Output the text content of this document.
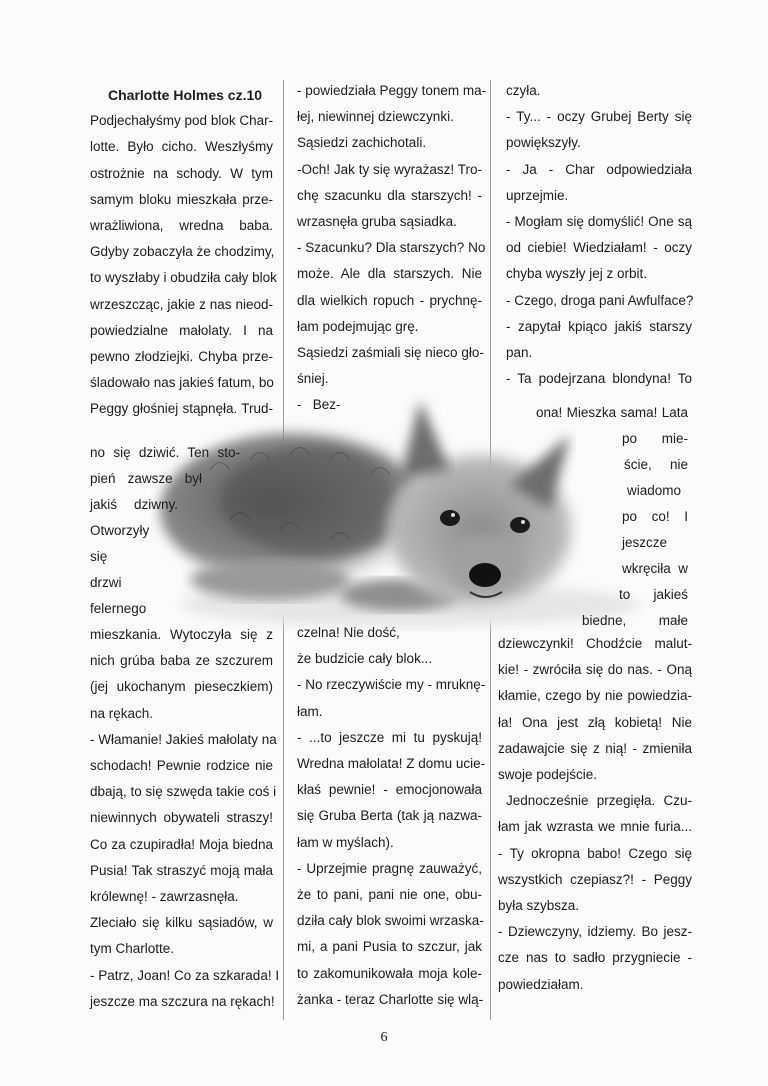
Charlotte Holmes cz.10
Podjechałyśmy pod blok Char-
lotte. Było cicho. Weszłyśmy
ostrożnie na schody. W tym
samym bloku mieszkała prze-
wrażliwiona, wredna baba.
Gdyby zobaczyła że chodzimy,
to wyszłaby i obudziła cały blok
wrzeszcząc, jakie z nas nieod-
powiedzialne małolaty. I na
pewno złodziejki. Chyba prze-
śladowało nas jakieś fatum, bo
Peggy głośniej stąpnęła. Trud-
no się dziwić. Ten sto-
pień zawsze był
jakiś dziwny.
Otworzyły
się
drzwi
felernego
mieszkania. Wytoczyła się z
nich grúba baba ze szczurem
(jej ukochanym pieseczkiem)
na rękach.
- Włamanie! Jakieś małolaty na
schodach! Pewnie rodzice nie
dbają, to się szwęda takie coś i
niewinnych obywateli straszy!
Co za czupiradła! Moja biedna
Pusia! Tak straszyć moją mała
królewnę! - zawrzasnęła.
Zleciało się kilku sąsiadów, w
tym Charlotte.
- Patrz, Joan! Co za szkarada! I
jeszcze ma szczura na rękach!
- powiedziała Peggy tonem ma-
łej, niewinnej dziewczynki.
Sąsiedzi zachichotali.
-Och! Jak ty się wyrażasz! Tro-
chę szacunku dla starszych! -
wrzasnęła gruba sąsiadka.
- Szacunku? Dla starszych? No
może. Ale dla starszych. Nie
dla wielkich ropuch - prychnę-
łam podejmując grę.
Sąsiedzi zaśmiali się nieco gło-
śniej.
-   Bez-
czelna! Nie dość,
że budzicie cały blok...
- No rzeczywiście my - mruknę-
łam.
- ...to jeszcze mi tu pyskują!
Wredna małolata! Z domu ucie-
kłaś pewnie! - emocjonowała
się Gruba Berta (tak ją nazwa-
łam w myślach).
- Uprzejmie pragnę zauważyć,
że to pani, pani nie one, obu-
dziła cały blok swoimi wrzaska-
mi, a pani Pusia to szczur, jak
to zakomunikowała moja kole-
żanka - teraz Charlotte się wlą-
czyła.
- Ty... - oczy Grubej Berty się
powiększyły.
- Ja - Char odpowiedziała
uprzejmie.
- Mogłam się domyślić! One są
od ciebie! Wiedziałam! - oczy
chyba wyszły jej z orbit.
- Czego, droga pani Awfulface?
- zapytał kpiąco jakiś starszy
pan.
- Ta podejrzana blondyna! To
ona! Mieszka sama! Lata
po mie-
ście, nie
wiadomo
po co! I
jeszcze
wkręciła w
to jakieś
biedne, małe
dziewczynki! Chodźcie malut-
kie! - zwróciła się do nas. - Oną
kłamie, czego by nie powiedzia-
ła! Ona jest złą kobietą! Nie
zadawajcie się z nią! - zmieniła
swoje podejście.
Jednocześnie przegięła. Czu-
łam jak wzrasta we mnie furia...
- Ty okropna babo! Czego się
wszystkich czepiasz?! - Peggy
była szybsza.
- Dziewczyny, idziemy. Bo jesz-
cze nas to sadło przygniecie -
powiedziałam.
6
